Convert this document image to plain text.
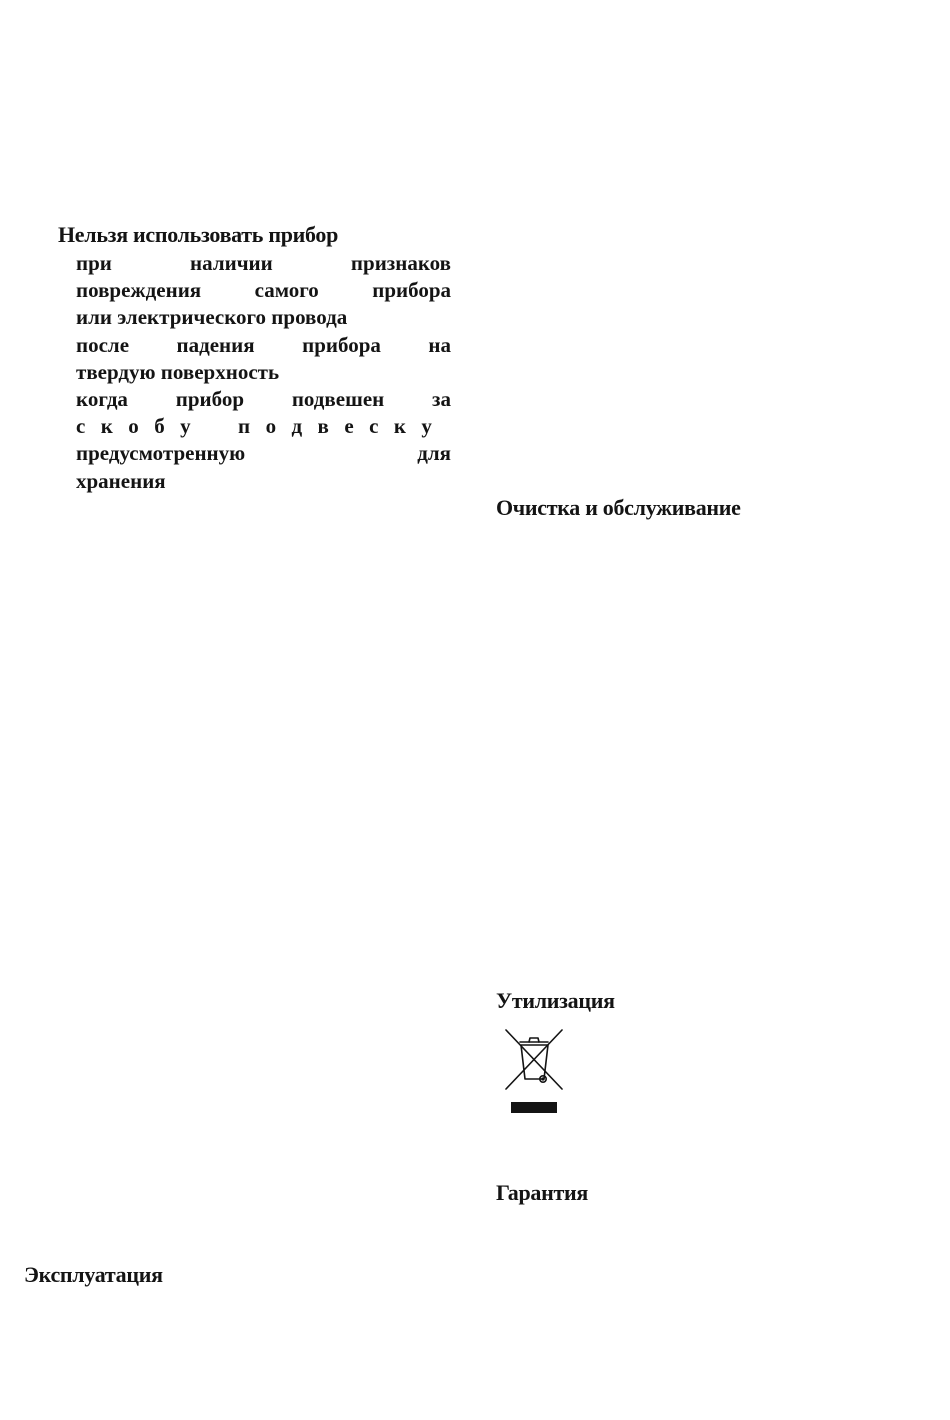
Нельзя использовать прибор
при	наличии	признаков
повреждения	самого	прибора
или электрического провода
после падения прибора на
твердую поверхность
когда прибор подвешен за
с к о б у п о д в е с к у
предусмотренную	для
хранения
Очистка и обслуживание
Утилизация
Гарантия
Эксплуатация
